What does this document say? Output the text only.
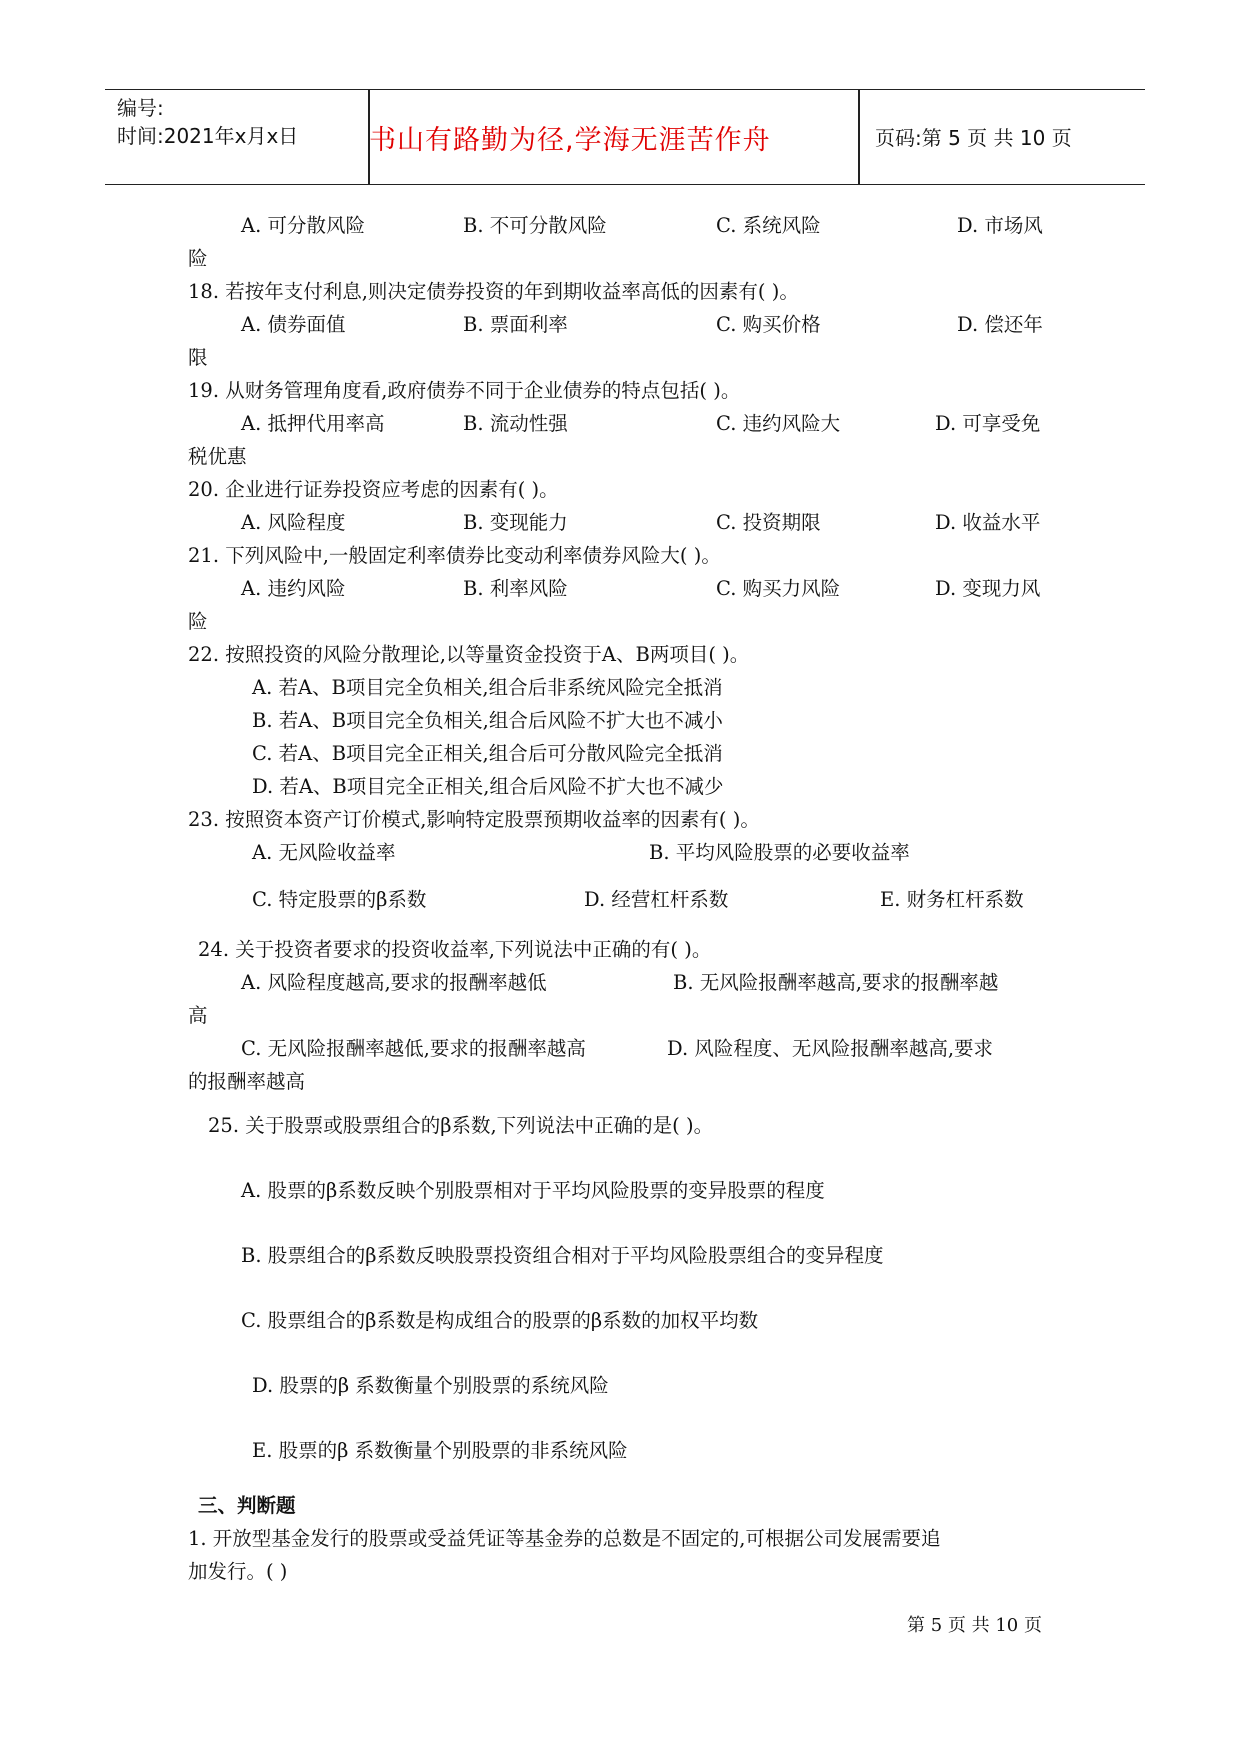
编号:
时间:2021年x月x日	书山有路勤为径,学海无涯苦作舟	页码:第 5 页 共 10 页
A. 可分散风险	B. 不可分散风险	C. 系统风险	D. 市场风
险
18. 若按年支付利息,则决定债券投资的年到期收益率高低的因素有( )。
A. 债券面值	B. 票面利率	C. 购买价格	D. 偿还年
限
19. 从财务管理角度看,政府债券不同于企业债券的特点包括( )。
A. 抵押代用率高	B. 流动性强	C. 违约风险大	D. 可享受免
税优惠
20. 企业进行证券投资应考虑的因素有( )。
A. 风险程度	B. 变现能力	C. 投资期限	D. 收益水平
21. 下列风险中,一般固定利率债券比变动利率债券风险大( )。
A. 违约风险	B. 利率风险	C. 购买力风险	D. 变现力风
险
22. 按照投资的风险分散理论,以等量资金投资于A、B两项目( )。
A. 若A、B项目完全负相关,组合后非系统风险完全抵消
B. 若A、B项目完全负相关,组合后风险不扩大也不减小
C. 若A、B项目完全正相关,组合后可分散风险完全抵消
D. 若A、B项目完全正相关,组合后风险不扩大也不减少
23. 按照资本资产订价模式,影响特定股票预期收益率的因素有( )。
A. 无风险收益率	B. 平均风险股票的必要收益率
C. 特定股票的β系数	D. 经营杠杆系数	E. 财务杠杆系数
24. 关于投资者要求的投资收益率,下列说法中正确的有( )。
A. 风险程度越高,要求的报酬率越低	B. 无风险报酬率越高,要求的报酬率越
高
C. 无风险报酬率越低,要求的报酬率越高	D. 风险程度、无风险报酬率越高,要求
的报酬率越高
25. 关于股票或股票组合的β系数,下列说法中正确的是( )。
A. 股票的β系数反映个别股票相对于平均风险股票的变异股票的程度
B. 股票组合的β系数反映股票投资组合相对于平均风险股票组合的变异程度
C. 股票组合的β系数是构成组合的股票的β系数的加权平均数
D. 股票的β 系数衡量个别股票的系统风险
E. 股票的β 系数衡量个别股票的非系统风险
三、判断题
1. 开放型基金发行的股票或受益凭证等基金券的总数是不固定的,可根据公司发展需要追
加发行。( )
第 5 页 共 10 页
